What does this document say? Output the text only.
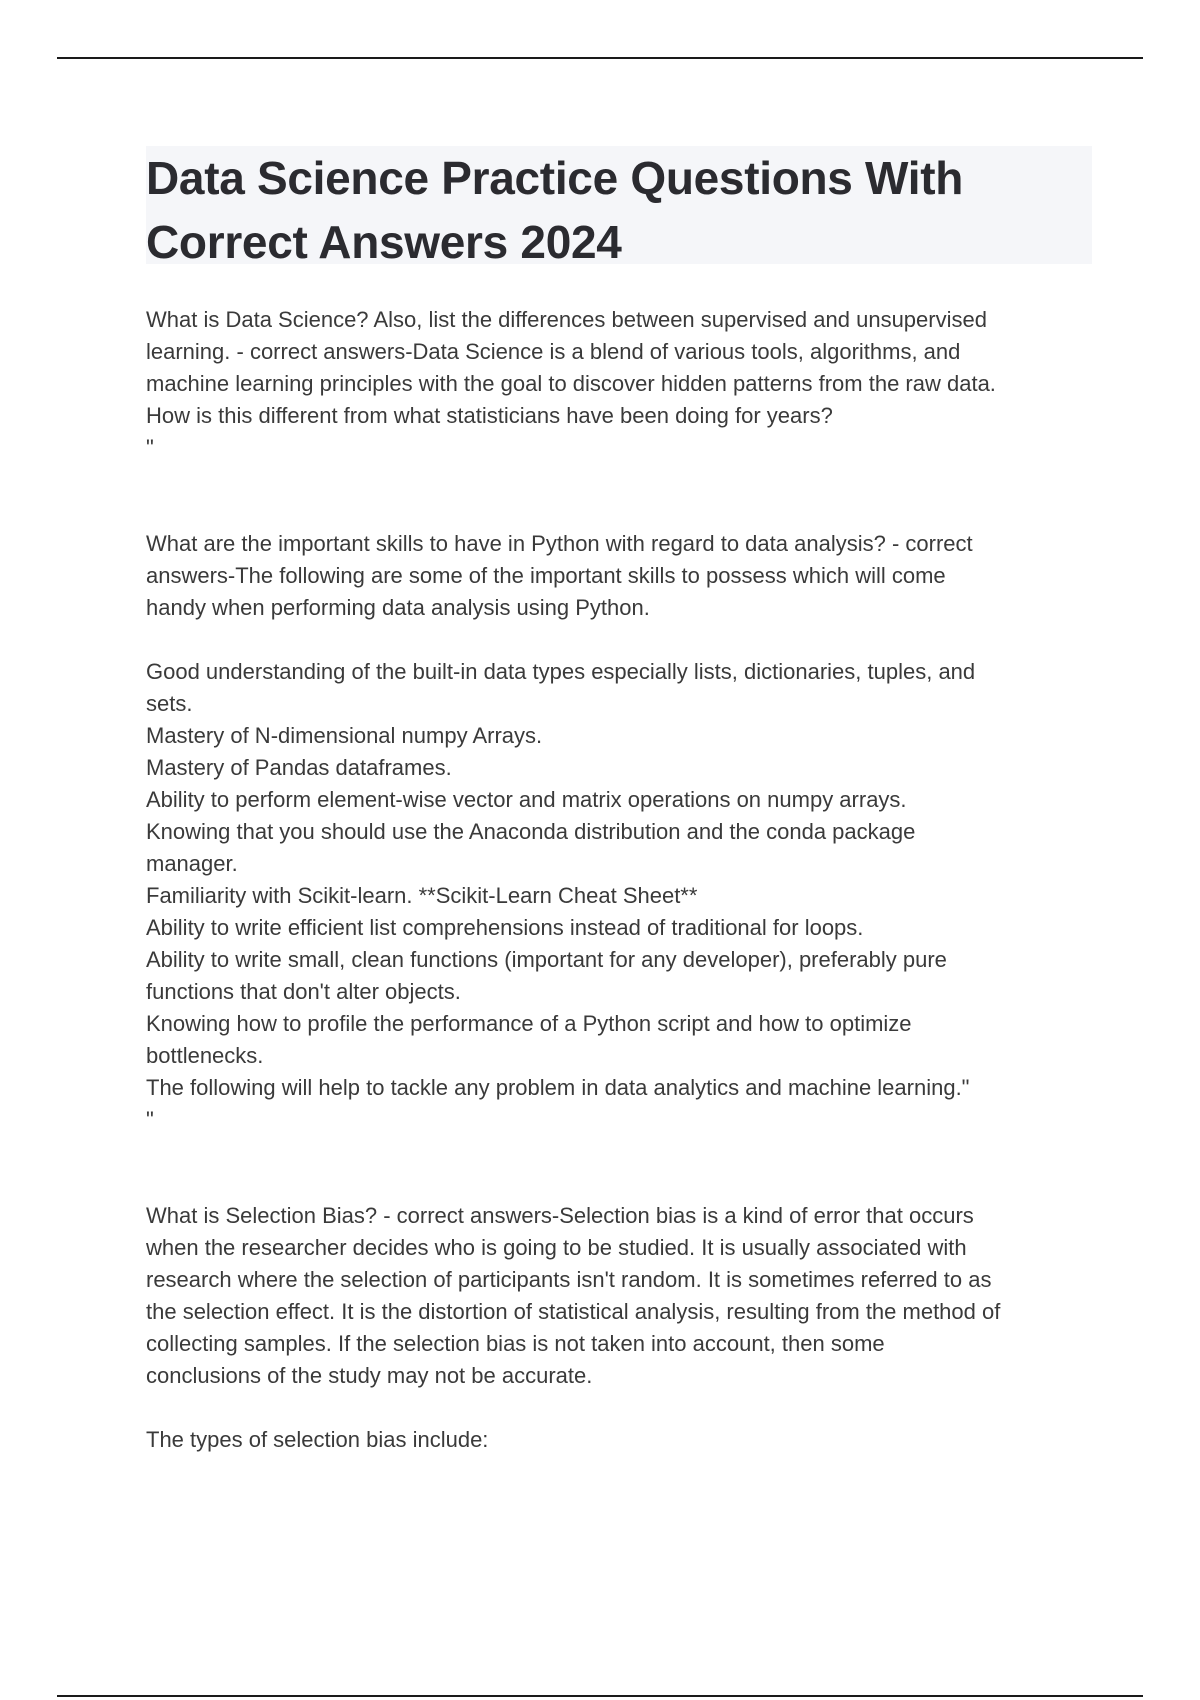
Data Science Practice Questions With
Correct Answers 2024

What is Data Science? Also, list the differences between supervised and unsupervised
learning. - correct answers-Data Science is a blend of various tools, algorithms, and
machine learning principles with the goal to discover hidden patterns from the raw data.
How is this different from what statisticians have been doing for years?
"

What are the important skills to have in Python with regard to data analysis? - correct
answers-The following are some of the important skills to possess which will come
handy when performing data analysis using Python.

Good understanding of the built-in data types especially lists, dictionaries, tuples, and
sets.
Mastery of N-dimensional numpy Arrays.
Mastery of Pandas dataframes.
Ability to perform element-wise vector and matrix operations on numpy arrays.
Knowing that you should use the Anaconda distribution and the conda package
manager.
Familiarity with Scikit-learn. **Scikit-Learn Cheat Sheet**
Ability to write efficient list comprehensions instead of traditional for loops.
Ability to write small, clean functions (important for any developer), preferably pure
functions that don't alter objects.
Knowing how to profile the performance of a Python script and how to optimize
bottlenecks.
The following will help to tackle any problem in data analytics and machine learning."
"

What is Selection Bias? - correct answers-Selection bias is a kind of error that occurs
when the researcher decides who is going to be studied. It is usually associated with
research where the selection of participants isn't random. It is sometimes referred to as
the selection effect. It is the distortion of statistical analysis, resulting from the method of
collecting samples. If the selection bias is not taken into account, then some
conclusions of the study may not be accurate.

The types of selection bias include:
